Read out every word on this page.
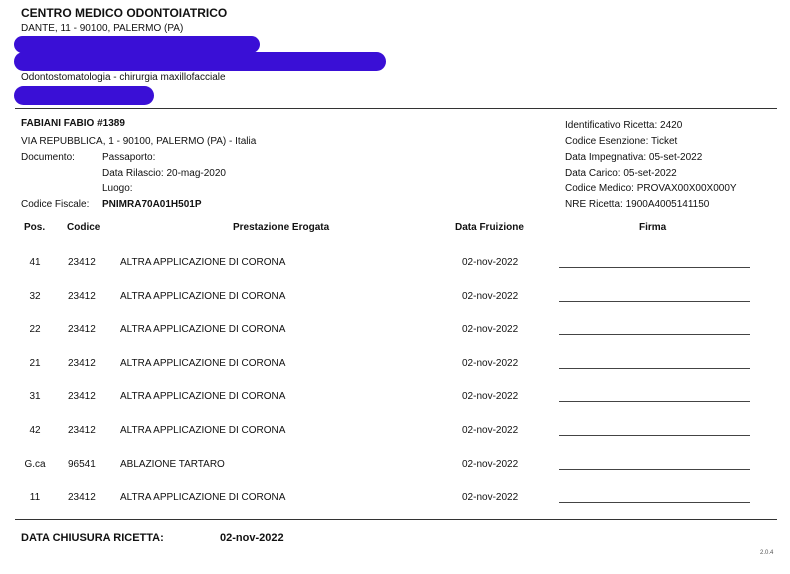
CENTRO MEDICO ODONTOIATRICO
DANTE, 11 - 90100, PALERMO (PA)
Odontostomatologia - chirurgia maxillofacciale
FABIANI FABIO #1389
VIA REPUBBLICA, 1 - 90100, PALERMO (PA) - Italia
Documento:	Passaporto:
Data Rilascio: 20-mag-2020
Luogo:
Codice Fiscale: PNIMRA70A01H501P
Identificativo Ricetta: 2420
Codice Esenzione: Ticket
Data Impegnativa: 05-set-2022
Data Carico: 05-set-2022
Codice Medico: PROVAX00X00X000Y
NRE Ricetta: 1900A4005141150
Pos. Codice	Prestazione Erogata	Data Fruizione	Firma
41	23412 ALTRA APPLICAZIONE DI CORONA	02-nov-2022
32	23412 ALTRA APPLICAZIONE DI CORONA	02-nov-2022
22	23412 ALTRA APPLICAZIONE DI CORONA	02-nov-2022
21	23412 ALTRA APPLICAZIONE DI CORONA	02-nov-2022
31	23412 ALTRA APPLICAZIONE DI CORONA	02-nov-2022
42	23412 ALTRA APPLICAZIONE DI CORONA	02-nov-2022
G.ca	96541 ABLAZIONE TARTARO	02-nov-2022
11	23412 ALTRA APPLICAZIONE DI CORONA	02-nov-2022
DATA CHIUSURA RICETTA:	02-nov-2022
2.0.4
